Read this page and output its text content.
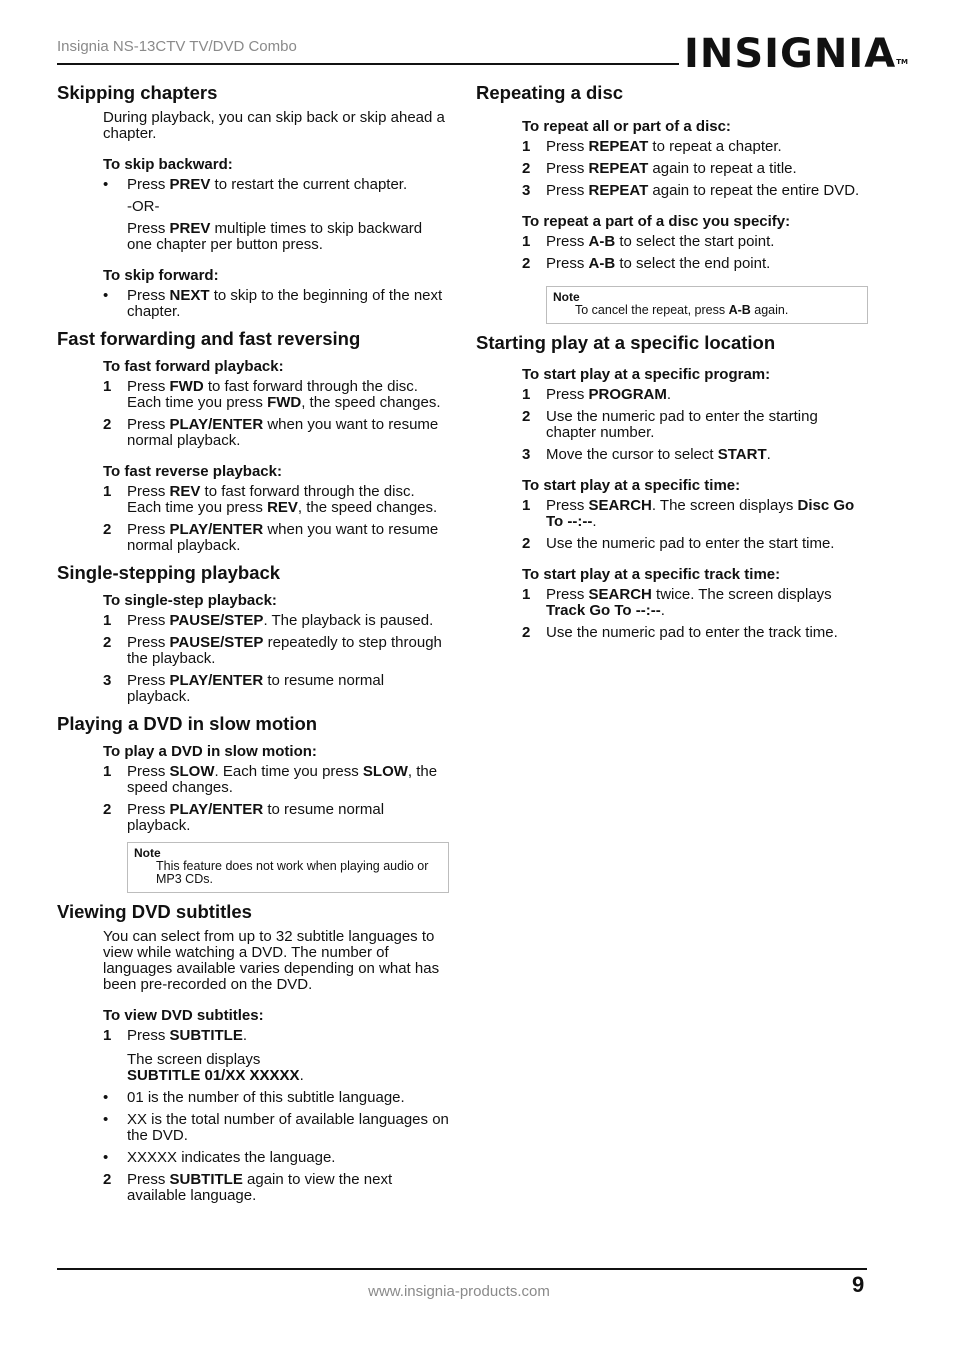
Insignia NS-13CTV TV/DVD Combo	INSIGNIA™
Skipping chapters

During playback, you can skip back or skip ahead a chapter.

To skip backward:
• Press PREV to restart the current chapter.
-OR-
Press PREV multiple times to skip backward one chapter per button press.
To skip forward:
• Press NEXT to skip to the beginning of the next chapter.
Fast forwarding and fast reversing
To fast forward playback:
1 Press FWD to fast forward through the disc. Each time you press FWD, the speed changes.
2 Press PLAY/ENTER when you want to resume normal playback.
To fast reverse playback:
1 Press REV to fast forward through the disc. Each time you press REV, the speed changes.
2 Press PLAY/ENTER when you want to resume normal playback.
Single-stepping playback
To single-step playback:
1 Press PAUSE/STEP. The playback is paused.
2 Press PAUSE/STEP repeatedly to step through the playback.
3 Press PLAY/ENTER to resume normal playback.
Playing a DVD in slow motion
To play a DVD in slow motion:
1 Press SLOW. Each time you press SLOW, the speed changes.
2 Press PLAY/ENTER to resume normal playback.
Note
This feature does not work when playing audio or MP3 CDs.
Viewing DVD subtitles

You can select from up to 32 subtitle languages to view while watching a DVD. The number of languages available varies depending on what has been pre-recorded on the DVD.

To view DVD subtitles:
1 Press SUBTITLE.
The screen displays
SUBTITLE 01/XX XXXXX.
• 01 is the number of this subtitle language.
• XX is the total number of available languages on the DVD.
• XXXXX indicates the language.
2 Press SUBTITLE again to view the next available language.
Repeating a disc
To repeat all or part of a disc:
1 Press REPEAT to repeat a chapter.
2 Press REPEAT again to repeat a title.
3 Press REPEAT again to repeat the entire DVD.
To repeat a part of a disc you specify:
1 Press A-B to select the start point.
2 Press A-B to select the end point.
Note
To cancel the repeat, press A-B again.
Starting play at a specific location
To start play at a specific program:
1 Press PROGRAM.
2 Use the numeric pad to enter the starting chapter number.
3 Move the cursor to select START.
To start play at a specific time:
1 Press SEARCH. The screen displays Disc Go To --:--.
2 Use the numeric pad to enter the start time.
To start play at a specific track time:
1 Press SEARCH twice. The screen displays Track Go To --:--.
2 Use the numeric pad to enter the track time.
www.insignia-products.com	9
